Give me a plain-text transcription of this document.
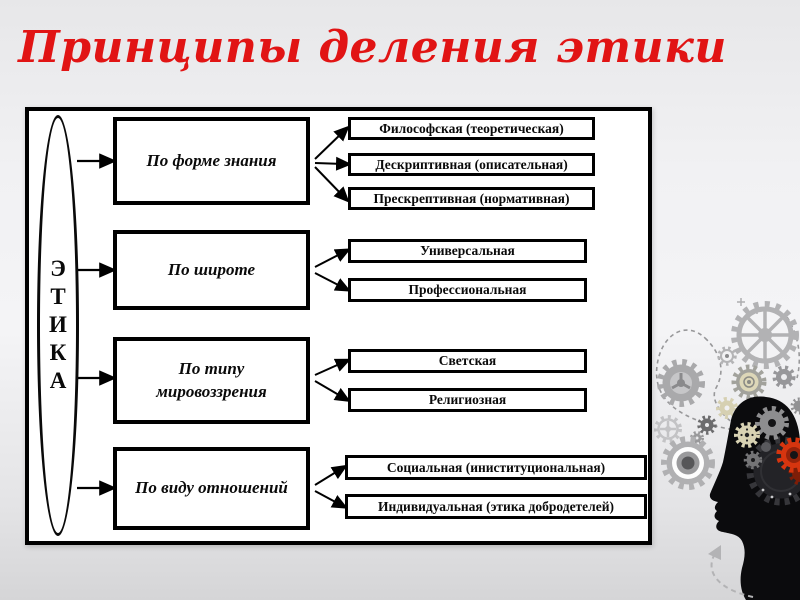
Принципы деления этики
Э
Т
И
К
А
По форме знания
По широте
По типу мировоззрения
По виду отношений
Философская (теоретическая)
Дескриптивная (описательная)
Прескрептивная (нормативная)
Универсальная
Профессиональная
Светская
Религиозная
Социальная (иниституциональная)
Индивидуальная (этика добродетелей)
